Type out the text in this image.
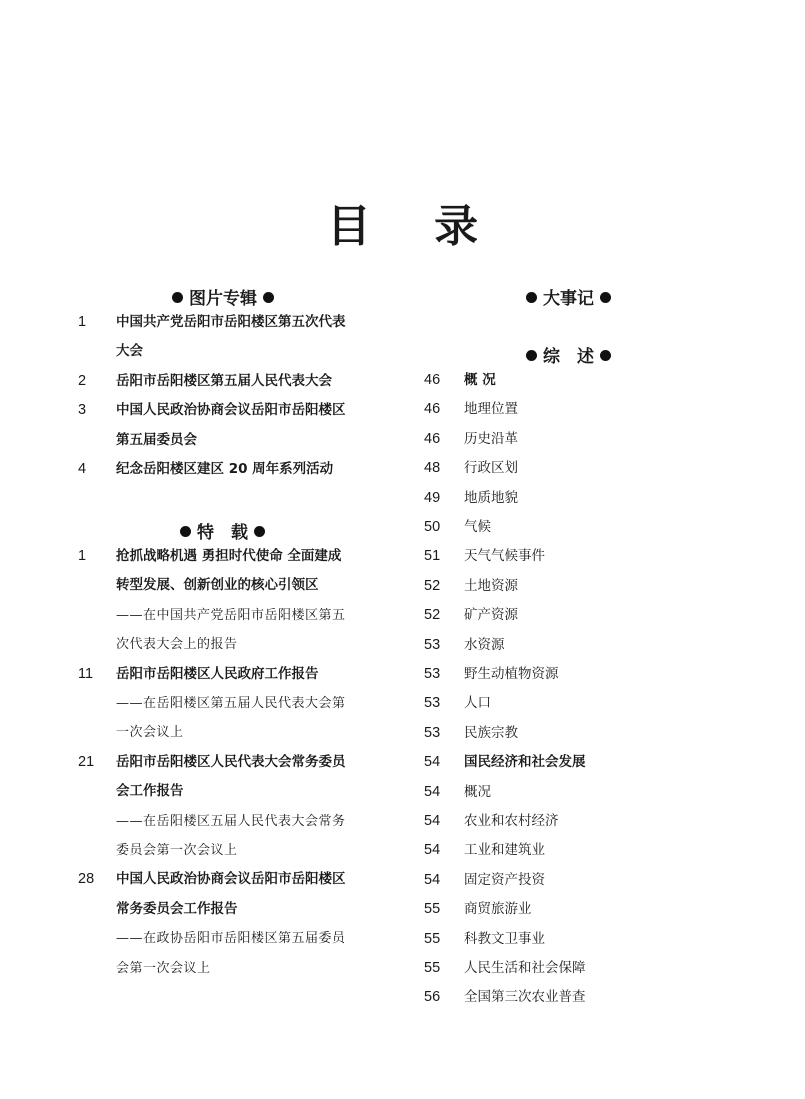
目 录
图片专辑
1	中国共产党岳阳市岳阳楼区第五次代表
大会
2	岳阳市岳阳楼区第五届人民代表大会
3	中国人民政治协商会议岳阳市岳阳楼区
第五届委员会
4	纪念岳阳楼区建区 20 周年系列活动
特　载
1	抢抓战略机遇 勇担时代使命 全面建成
转型发展、创新创业的核心引领区
——在中国共产党岳阳市岳阳楼区第五
次代表大会上的报告
11	岳阳市岳阳楼区人民政府工作报告
——在岳阳楼区第五届人民代表大会第
一次会议上
21	岳阳市岳阳楼区人民代表大会常务委员
会工作报告
——在岳阳楼区五届人民代表大会常务
委员会第一次会议上
28	中国人民政治协商会议岳阳市岳阳楼区
常务委员会工作报告
——在政协岳阳市岳阳楼区第五届委员
会第一次会议上
大事记
综　述
46	概 况
46	地理位置
46	历史沿革
48	行政区划
49	地质地貌
50	气候
51	天气气候事件
52	土地资源
52	矿产资源
53	水资源
53	野生动植物资源
53	人口
53	民族宗教
54	国民经济和社会发展
54	概况
54	农业和农村经济
54	工业和建筑业
54	固定资产投资
55	商贸旅游业
55	科教文卫事业
55	人民生活和社会保障
56	全国第三次农业普查
